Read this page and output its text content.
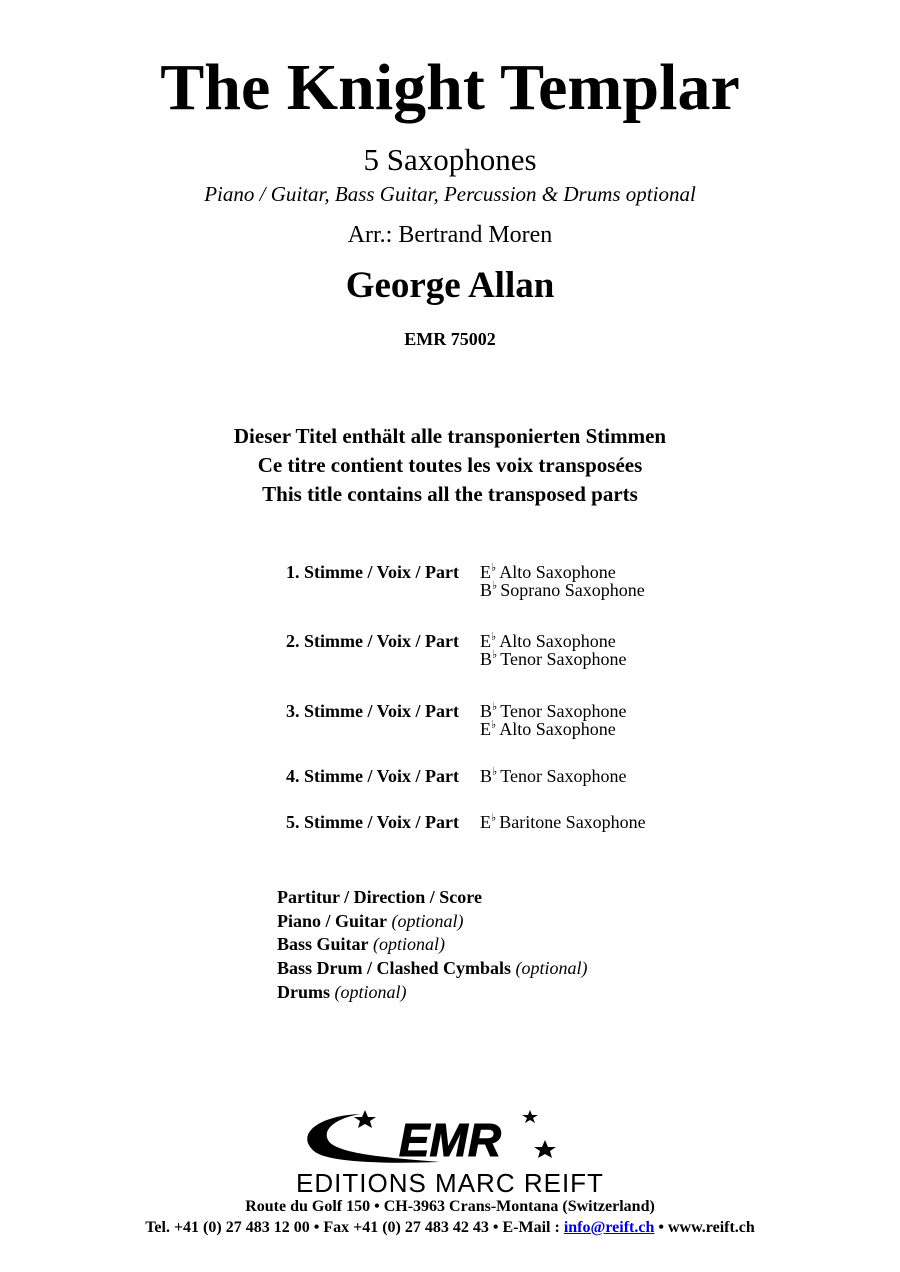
The Knight Templar
5 Saxophones
Piano / Guitar, Bass Guitar, Percussion & Drums optional
Arr.: Bertrand Moren
George Allan
EMR 75002
Dieser Titel enthält alle transponierten Stimmen
Ce titre contient toutes les voix transposées
This title contains all the transposed parts
1. Stimme / Voix / Part E♭ Alto Saxophone
B♭ Soprano Saxophone
2. Stimme / Voix / Part E♭ Alto Saxophone
B♭ Tenor Saxophone
3. Stimme / Voix / Part B♭ Tenor Saxophone
E♭ Alto Saxophone
4. Stimme / Voix / Part B♭ Tenor Saxophone
5. Stimme / Voix / Part E♭ Baritone Saxophone
Partitur / Direction / Score
Piano / Guitar (optional)
Bass Guitar (optional)
Bass Drum / Clashed Cymbals (optional)
Drums (optional)
EMR
EDITIONS MARC REIFT
Route du Golf 150 • CH-3963 Crans-Montana (Switzerland)
Tel. +41 (0) 27 483 12 00 • Fax +41 (0) 27 483 42 43 • E-Mail : info@reift.ch • www.reift.ch
